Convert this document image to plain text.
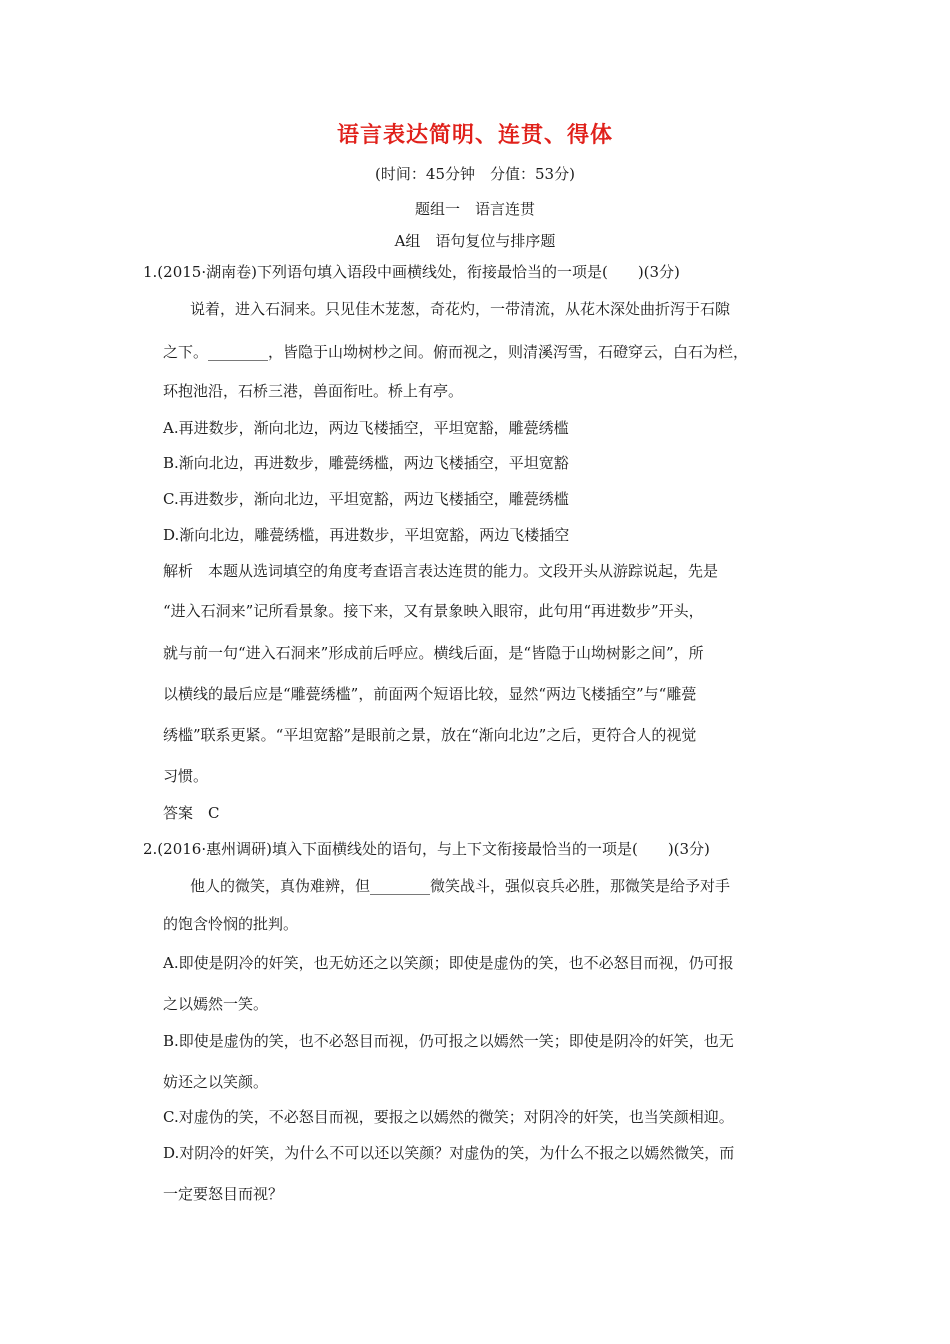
语言表达简明、连贯、得体
(时间：45分钟　分值：53分)
题组一　语言连贯
A组　语句复位与排序题
1.(2015·湖南卷)下列语句填入语段中画横线处，衔接最恰当的一项是(　　)(3分)
说着，进入石洞来。只见佳木茏葱，奇花灼，一带清流，从花木深处曲折泻于石隙
之下。________，皆隐于山坳树杪之间。俯而视之，则清溪泻雪，石磴穿云，白石为栏，
环抱池沿，石桥三港，兽面衔吐。桥上有亭。
A.再进数步，渐向北边，两边飞楼插空，平坦宽豁，雕甍绣槛
B.渐向北边，再进数步，雕甍绣槛，两边飞楼插空，平坦宽豁
C.再进数步，渐向北边，平坦宽豁，两边飞楼插空，雕甍绣槛
D.渐向北边，雕甍绣槛，再进数步，平坦宽豁，两边飞楼插空
解析　本题从选词填空的角度考查语言表达连贯的能力。文段开头从游踪说起，先是
“进入石洞来”记所看景象。接下来，又有景象映入眼帘，此句用“再进数步”开头，
就与前一句“进入石洞来”形成前后呼应。横线后面，是“皆隐于山坳树影之间”，所
以横线的最后应是“雕甍绣槛”，前面两个短语比较，显然“两边飞楼插空”与“雕甍
绣槛”联系更紧。“平坦宽豁”是眼前之景，放在“渐向北边”之后，更符合人的视觉
习惯。
答案　C
2.(2016·惠州调研)填入下面横线处的语句，与上下文衔接最恰当的一项是(　　)(3分)
他人的微笑，真伪难辨，但________微笑战斗，强似哀兵必胜，那微笑是给予对手
的饱含怜悯的批判。
A.即使是阴冷的奸笑，也无妨还之以笑颜；即使是虚伪的笑，也不必怒目而视，仍可报
之以嫣然一笑。
B.即使是虚伪的笑，也不必怒目而视，仍可报之以嫣然一笑；即使是阴冷的奸笑，也无
妨还之以笑颜。
C.对虚伪的笑，不必怒目而视，要报之以嫣然的微笑；对阴冷的奸笑，也当笑颜相迎。
D.对阴冷的奸笑，为什么不可以还以笑颜？对虚伪的笑，为什么不报之以嫣然微笑，而
一定要怒目而视？
